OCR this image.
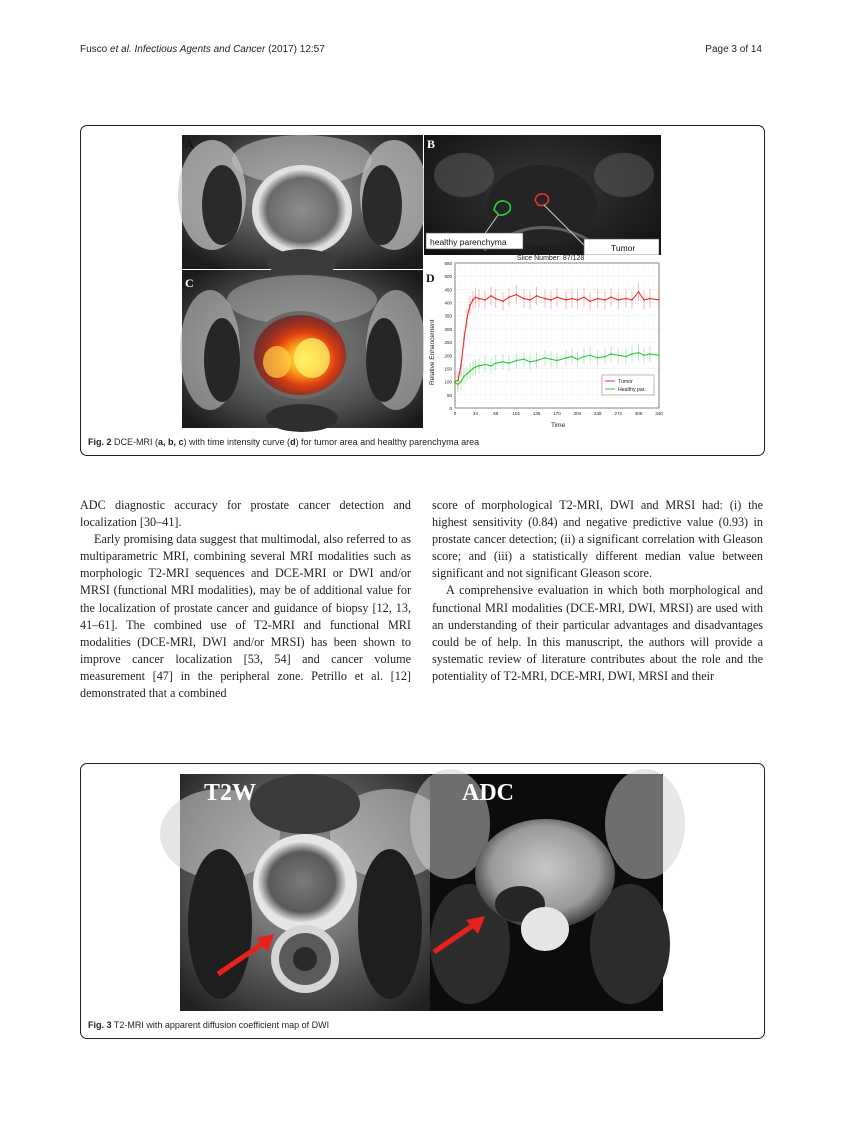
Fusco et al. Infectious Agents and Cancer (2017) 12:57	Page 3 of 14
A
healthy parenchyma
Tumor
B
C
Slice Number: 87/128
0
50
100
150
200
250
300
350
400
450
500
550
0	34	68	102	136	170	204	238	272	306	340
Relative Enhancement
Time
Tumor
Healthy par.
D
Fig. 2 DCE-MRI (a, b, c) with time intensity curve (d) for tumor area and healthy parenchyma area

ADC diagnostic accuracy for prostate cancer detection and localization [30–41].

Early promising data suggest that multimodal, also referred to as multiparametric MRI, combining several MRI modalities such as morphologic T2-MRI sequences and DCE-MRI or DWI and/or MRSI (functional MRI modalities), may be of additional value for the localization of prostate cancer and guidance of biopsy [12, 13, 41–61]. The combined use of T2-MRI and functional MRI modalities (DCE-MRI, DWI and/or MRSI) has been shown to improve cancer localization [53, 54] and cancer volume measurement [47] in the peripheral zone. Petrillo et al. [12] demonstrated that a combined

score of morphological T2-MRI, DWI and MRSI had: (i) the highest sensitivity (0.84) and negative predictive value (0.93) in prostate cancer detection; (ii) a significant correlation with Gleason score; and (iii) a statistically different median value between significant and not significant Gleason score.

A comprehensive evaluation in which both morphological and functional MRI modalities (DCE-MRI, DWI, MRSI) are used with an understanding of their particular advantages and disadvantages could be of help. In this manuscript, the authors will provide a systematic review of literature contributes about the role and the potentiality of T2-MRI, DCE-MRI, DWI, MRSI and their

T2W	ADC
Fig. 3 T2-MRI with apparent diffusion coefficient map of DWI
